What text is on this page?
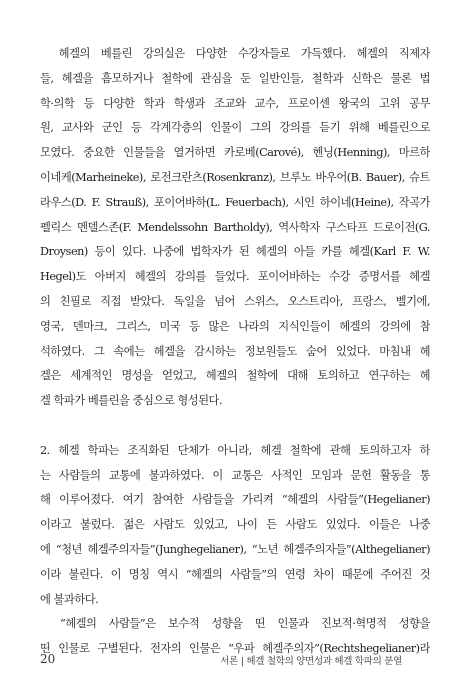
　헤겔의 베를린 강의실은 다양한 수강자들로 가득했다. 헤겔의 직제자
들, 헤겔을 흠모하거나 철학에 관심을 둔 일반인들, 철학과 신학은 물론 법
학·의학 등 다양한 학과 학생과 조교와 교수, 프로이센 왕국의 고위 공무
원, 교사와 군인 등 각계각층의 인물이 그의 강의를 듣기 위해 베를린으로
모였다. 중요한 인물들을 열거하면 카로베(Carové), 헨닝(Henning), 마르하
이네케(Marheineke), 로전크란츠(Rosenkranz), 브루노 바우어(B. Bauer), 슈트
라우스(D. F. Strauß), 포이어바하(L. Feuerbach), 시인 하이네(Heine), 작곡가
펠릭스 멘델스존(F. Mendelssohn Bartholdy), 역사학자 구스타프 드로이전(G.
Droysen) 등이 있다. 나중에 법학자가 된 헤겔의 아들 카를 헤겔(Karl F. W.
Hegel)도 아버지 헤겔의 강의를 들었다. 포이어바하는 수강 증명서를 헤겔
의 친필로 직접 받았다. 독일을 넘어 스위스, 오스트리아, 프랑스, 벨기에,
영국, 덴마크, 그리스, 미국 등 많은 나라의 지식인들이 헤겔의 강의에 참
석하였다. 그 속에는 헤겔을 감시하는 정보원들도 숨어 있었다. 마침내 헤
겔은 세계적인 명성을 얻었고, 헤겔의 철학에 대해 토의하고 연구하는 헤
겔 학파가 베를린을 중심으로 형성된다.
2. 헤겔 학파는 조직화된 단체가 아니라, 헤겔 철학에 관해 토의하고자 하
는 사람들의 교통에 불과하였다. 이 교통은 사적인 모임과 문헌 활동을 통
해 이루어졌다. 여기 참여한 사람들을 가리켜 “헤겔의 사람들”(Hegelianer)
이라고 불렀다. 젊은 사람도 있었고, 나이 든 사람도 있었다. 이들은 나중
에 “청년 헤겔주의자들”(Junghegelianer), “노년 헤겔주의자들”(Althegelianer)
이라 불린다. 이 명칭 역시 “헤겔의 사람들”의 연령 차이 때문에 주어진 것
에 불과하다.
　“헤겔의 사람들”은 보수적 성향을 띤 인물과 진보적·혁명적 성향을
띤 인물로 구별된다. 전자의 인물은 “우파 헤겔주의자”(Rechtshegelianer)라
20	서론 | 헤겔 철학의 양면성과 헤겔 학파의 분열
